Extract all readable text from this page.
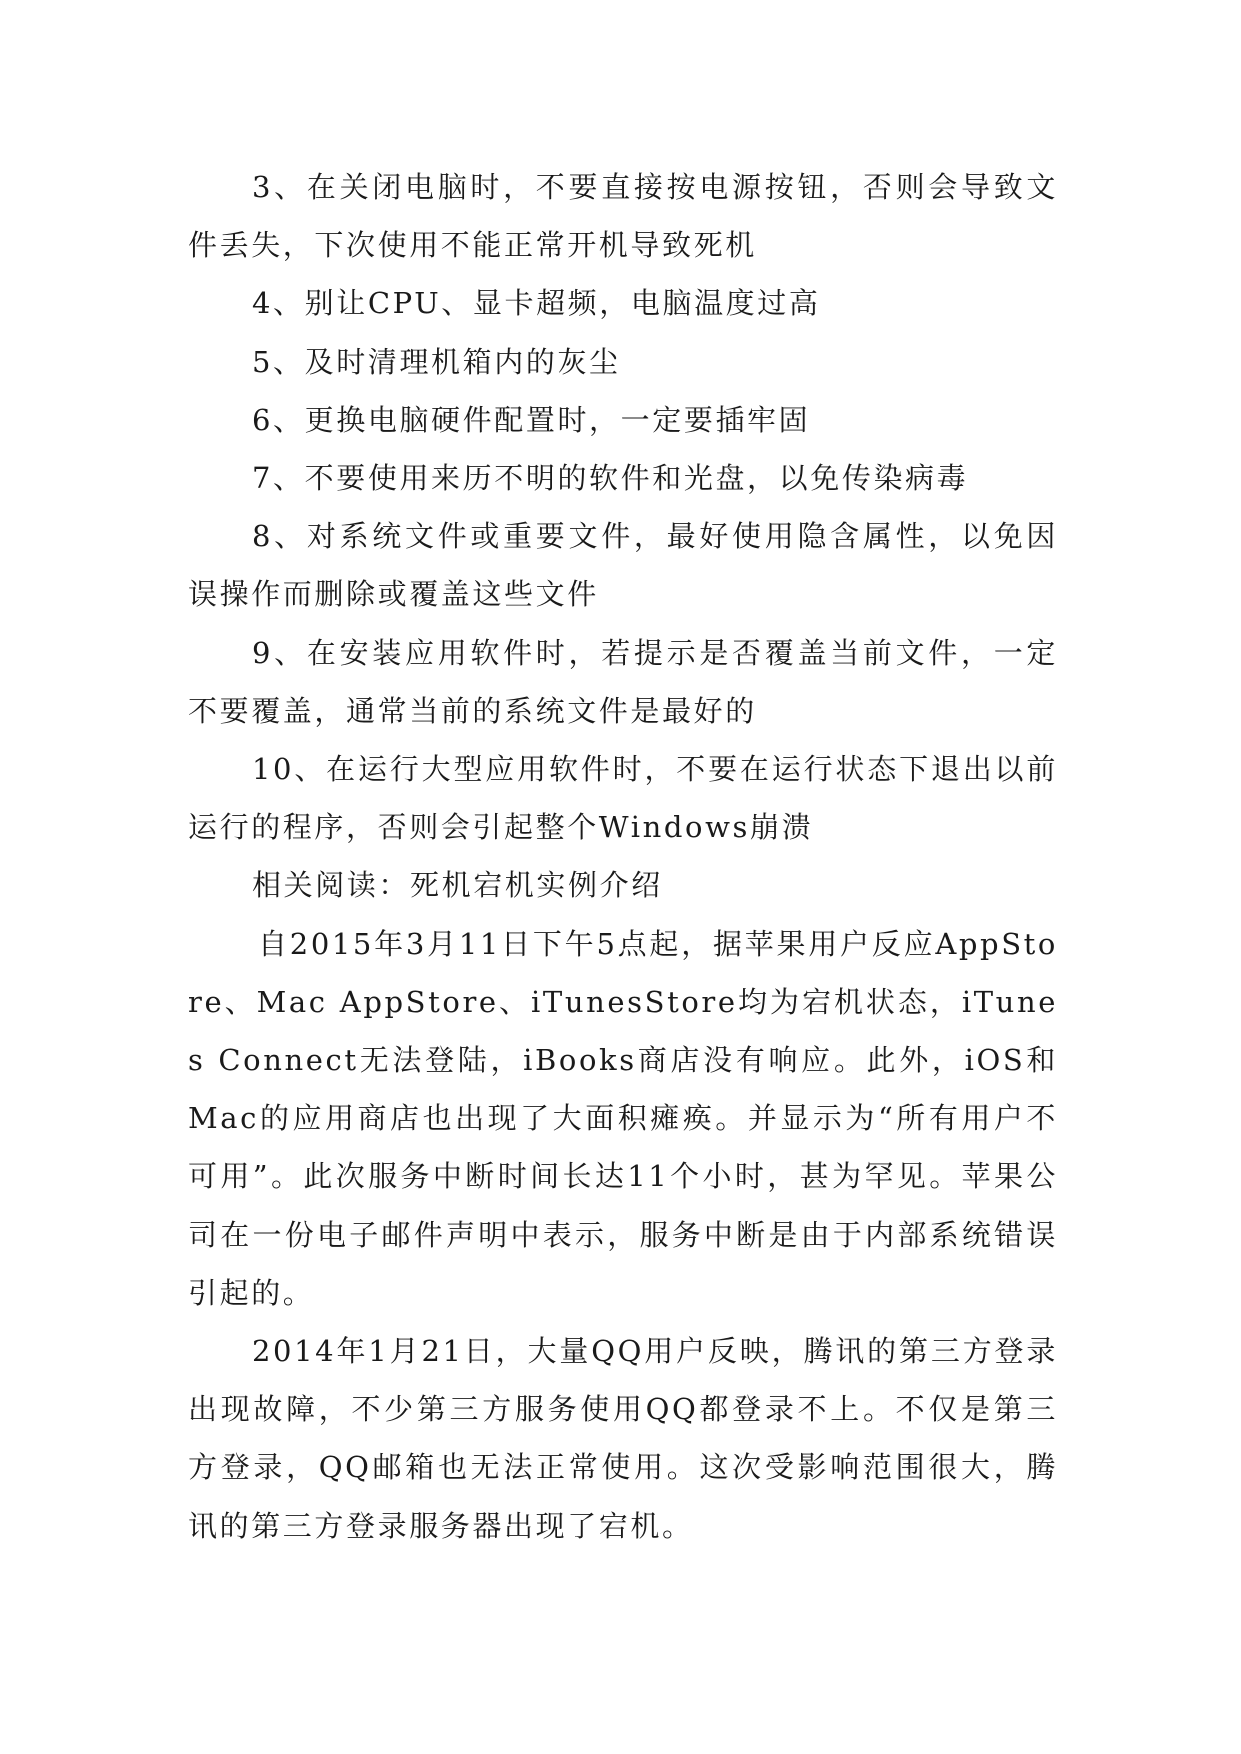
3、在关闭电脑时，不要直接按电源按钮，否则会导致文件丢失，下次使用不能正常开机导致死机

4、别让CPU、显卡超频，电脑温度过高

5、及时清理机箱内的灰尘

6、更换电脑硬件配置时，一定要插牢固

7、不要使用来历不明的软件和光盘，以免传染病毒

8、对系统文件或重要文件，最好使用隐含属性，以免因误操作而删除或覆盖这些文件

9、在安装应用软件时，若提示是否覆盖当前文件，一定不要覆盖，通常当前的系统文件是最好的

10、在运行大型应用软件时，不要在运行状态下退出以前运行的程序，否则会引起整个Windows崩溃

相关阅读：死机宕机实例介绍

自2015年3月11日下午5点起，据苹果用户反应AppStore、Mac AppStore、iTunesStore均为宕机状态，iTunes Connect无法登陆，iBooks商店没有响应。此外，iOS和Mac的应用商店也出现了大面积瘫痪。并显示为“所有用户不可用”。此次服务中断时间长达11个小时，甚为罕见。苹果公司在一份电子邮件声明中表示，服务中断是由于内部系统错误引起的。

2014年1月21日，大量QQ用户反映，腾讯的第三方登录出现故障，不少第三方服务使用QQ都登录不上。不仅是第三方登录，QQ邮箱也无法正常使用。这次受影响范围很大，腾讯的第三方登录服务器出现了宕机。
